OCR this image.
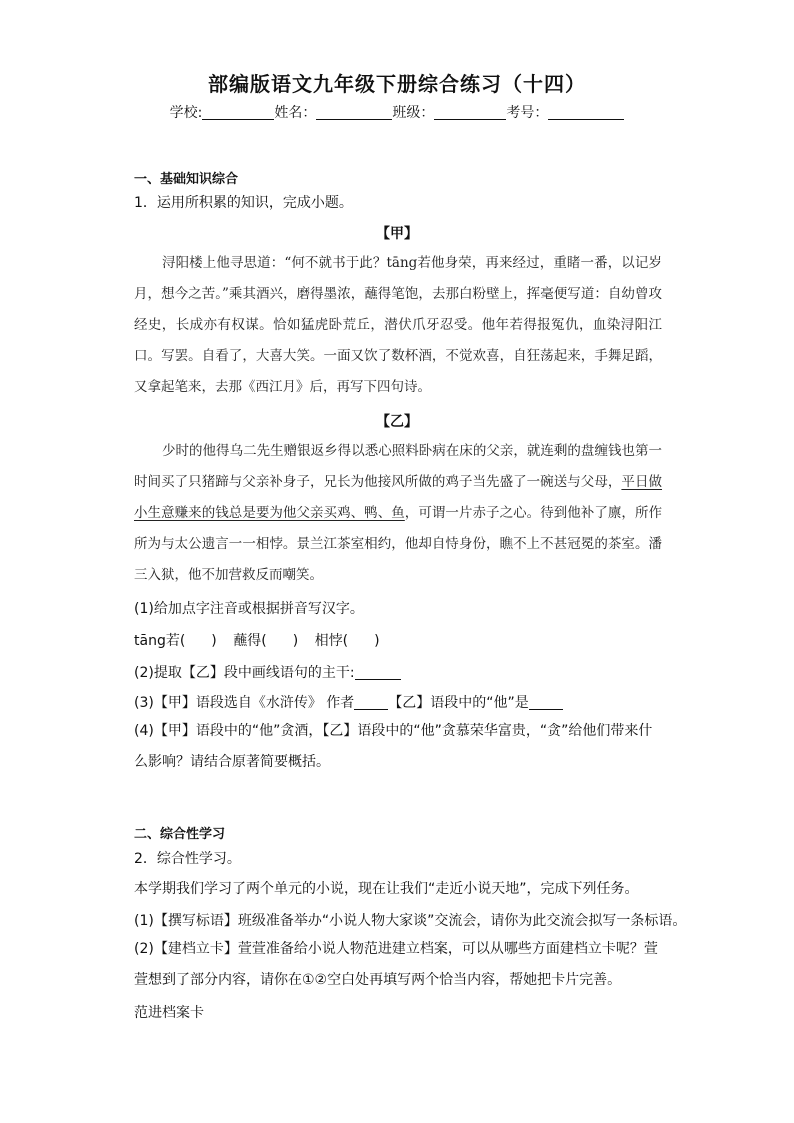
部编版语文九年级下册综合练习（十四）
学校:	姓名：	班级：	考号：
一、基础知识综合
1．运用所积累的知识，完成小题。
【甲】

浔阳楼上他寻思道：“何不就书于此？tāng若他身荣，再来经过，重睹一番，以记岁月，想今之苦。”乘其酒兴，磨得墨浓，蘸得笔饱，去那白粉壁上，挥毫便写道：自幼曾攻经史，长成亦有权谋。恰如猛虎卧荒丘，潜伏爪牙忍受。他年若得报冤仇，血染浔阳江口。写罢。自看了，大喜大笑。一面又饮了数杯酒，不觉欢喜，自狂荡起来，手舞足蹈，又拿起笔来，去那《西江月》后，再写下四句诗。

【乙】

少时的他得乌二先生赠银返乡得以悉心照料卧病在床的父亲，就连剩的盘缠钱也第一时间买了只猪蹄与父亲补身子，兄长为他接风所做的鸡子当先盛了一碗送与父母，平日做小生意赚来的钱总是要为他父亲买鸡、鸭、鱼，可谓一片赤子之心。待到他补了廪，所作所为与太公遗言一一相悖。景兰江茶室相约，他却自恃身份，瞧不上不甚冠冕的茶室。潘三入狱，他不加营救反而嘲笑。

(1)给加点字注音或根据拼音写汉字。
tāng若( ) 蘸得( ) 相悖( )
(2)提取【乙】段中画线语句的主干:
(3)【甲】语段选自《水浒传》 作者 【乙】语段中的“他”是
(4)【甲】语段中的“他”贪酒，【乙】语段中的“他”贪慕荣华富贵，“贪”给他们带来什么影响？请结合原著简要概括。
二、综合性学习
2．综合性学习。
本学期我们学习了两个单元的小说，现在让我们“走近小说天地”，完成下列任务。
(1)【撰写标语】班级准备举办“小说人物大家谈”交流会，请你为此交流会拟写一条标语。
(2)【建档立卡】萱萱准备给小说人物范进建立档案，可以从哪些方面建档立卡呢？萱萱想到了部分内容，请你在①②空白处再填写两个恰当内容，帮她把卡片完善。
范进档案卡
